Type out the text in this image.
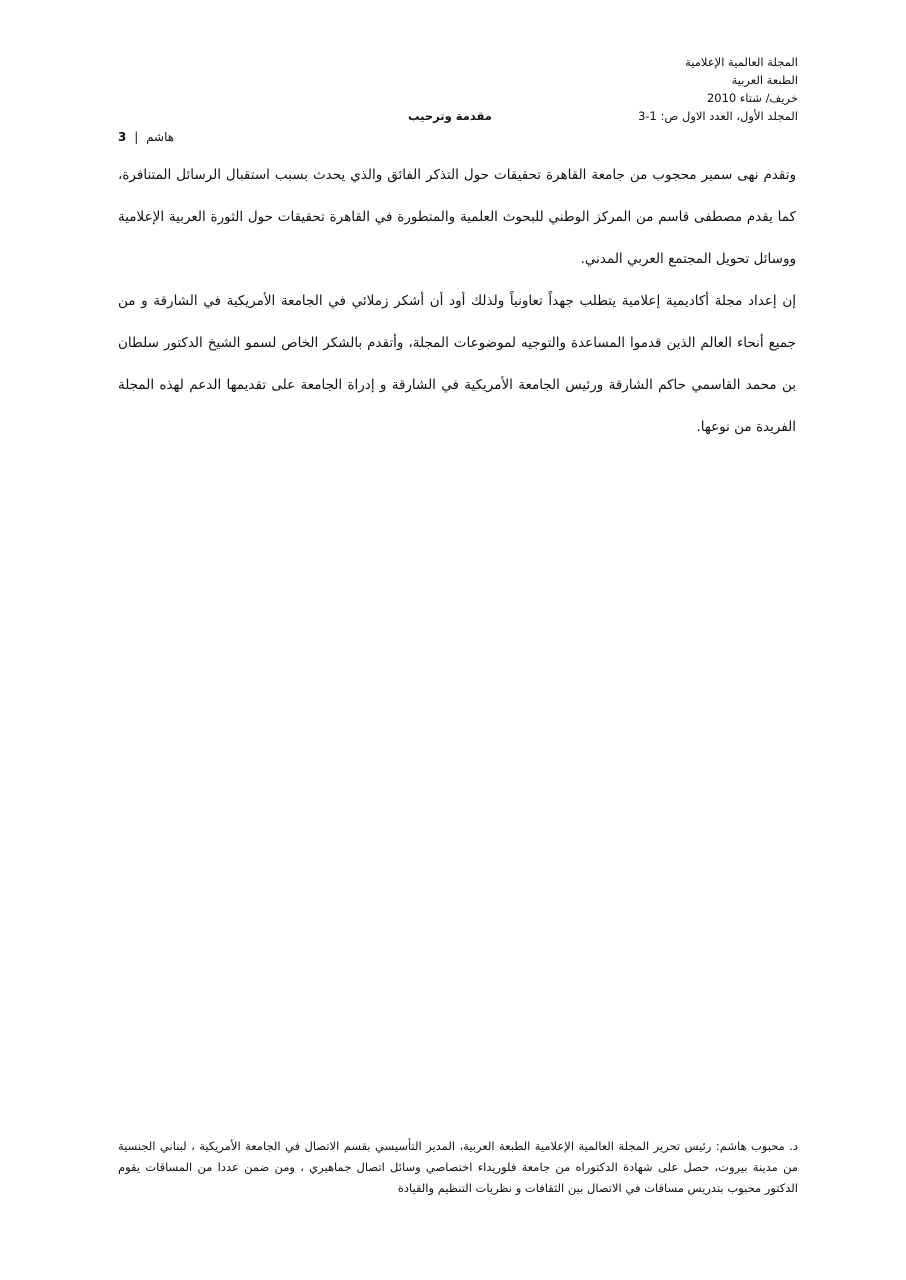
المجلة العالمية الإعلامية
الطبعة العربية
خريف/ شتاء 2010
المجلد الأول، العدد الاول ص: 1-3
مقدمة وترحيب
3 | هاشم
وتقدم نهى سمير محجوب من جامعة القاهرة تحقيقات حول التذكر الفائق والذي يحدث بسبب استقبال الرسائل المتنافرة، كما يقدم مصطفى قاسم من المركز الوطني للبحوث العلمية والمتطورة في القاهرة تحقيقات حول الثورة العربية الإعلامية ووسائل تحويل المجتمع العربي المدني.
إن إعداد مجلة أكاديمية إعلامية يتطلب جهداً تعاونياً ولذلك أود أن أشكر زملائي في الجامعة الأمريكية في الشارقة و من جميع أنحاء العالم الذين قدموا المساعدة والتوجيه لموضوعات المجلة، وأتقدم بالشكر الخاص لسمو الشيخ الدكتور سلطان بن محمد القاسمي حاكم الشارقة ورئيس الجامعة الأمريكية في الشارقة و إدراة الجامعة على تقديمها الدعم لهذه المجلة الفريدة من نوعها.
د. محبوب هاشم: رئيس تحرير المجلة العالمية الإعلامية الطبعة العربية، المدير التأسيسي بقسم الاتصال في الجامعة الأمريكية ، لبناني الجنسية من مدينة بيروت، حصل على شهادة الدكتوراه من جامعة فلوريداء اختصاصي وسائل اتصال جماهيري ، ومن ضمن عددا من المساقات يقوم الدكتور محبوب بتدريس مساقات في الاتصال بين الثقافات و نظريات التنظيم والقيادة
